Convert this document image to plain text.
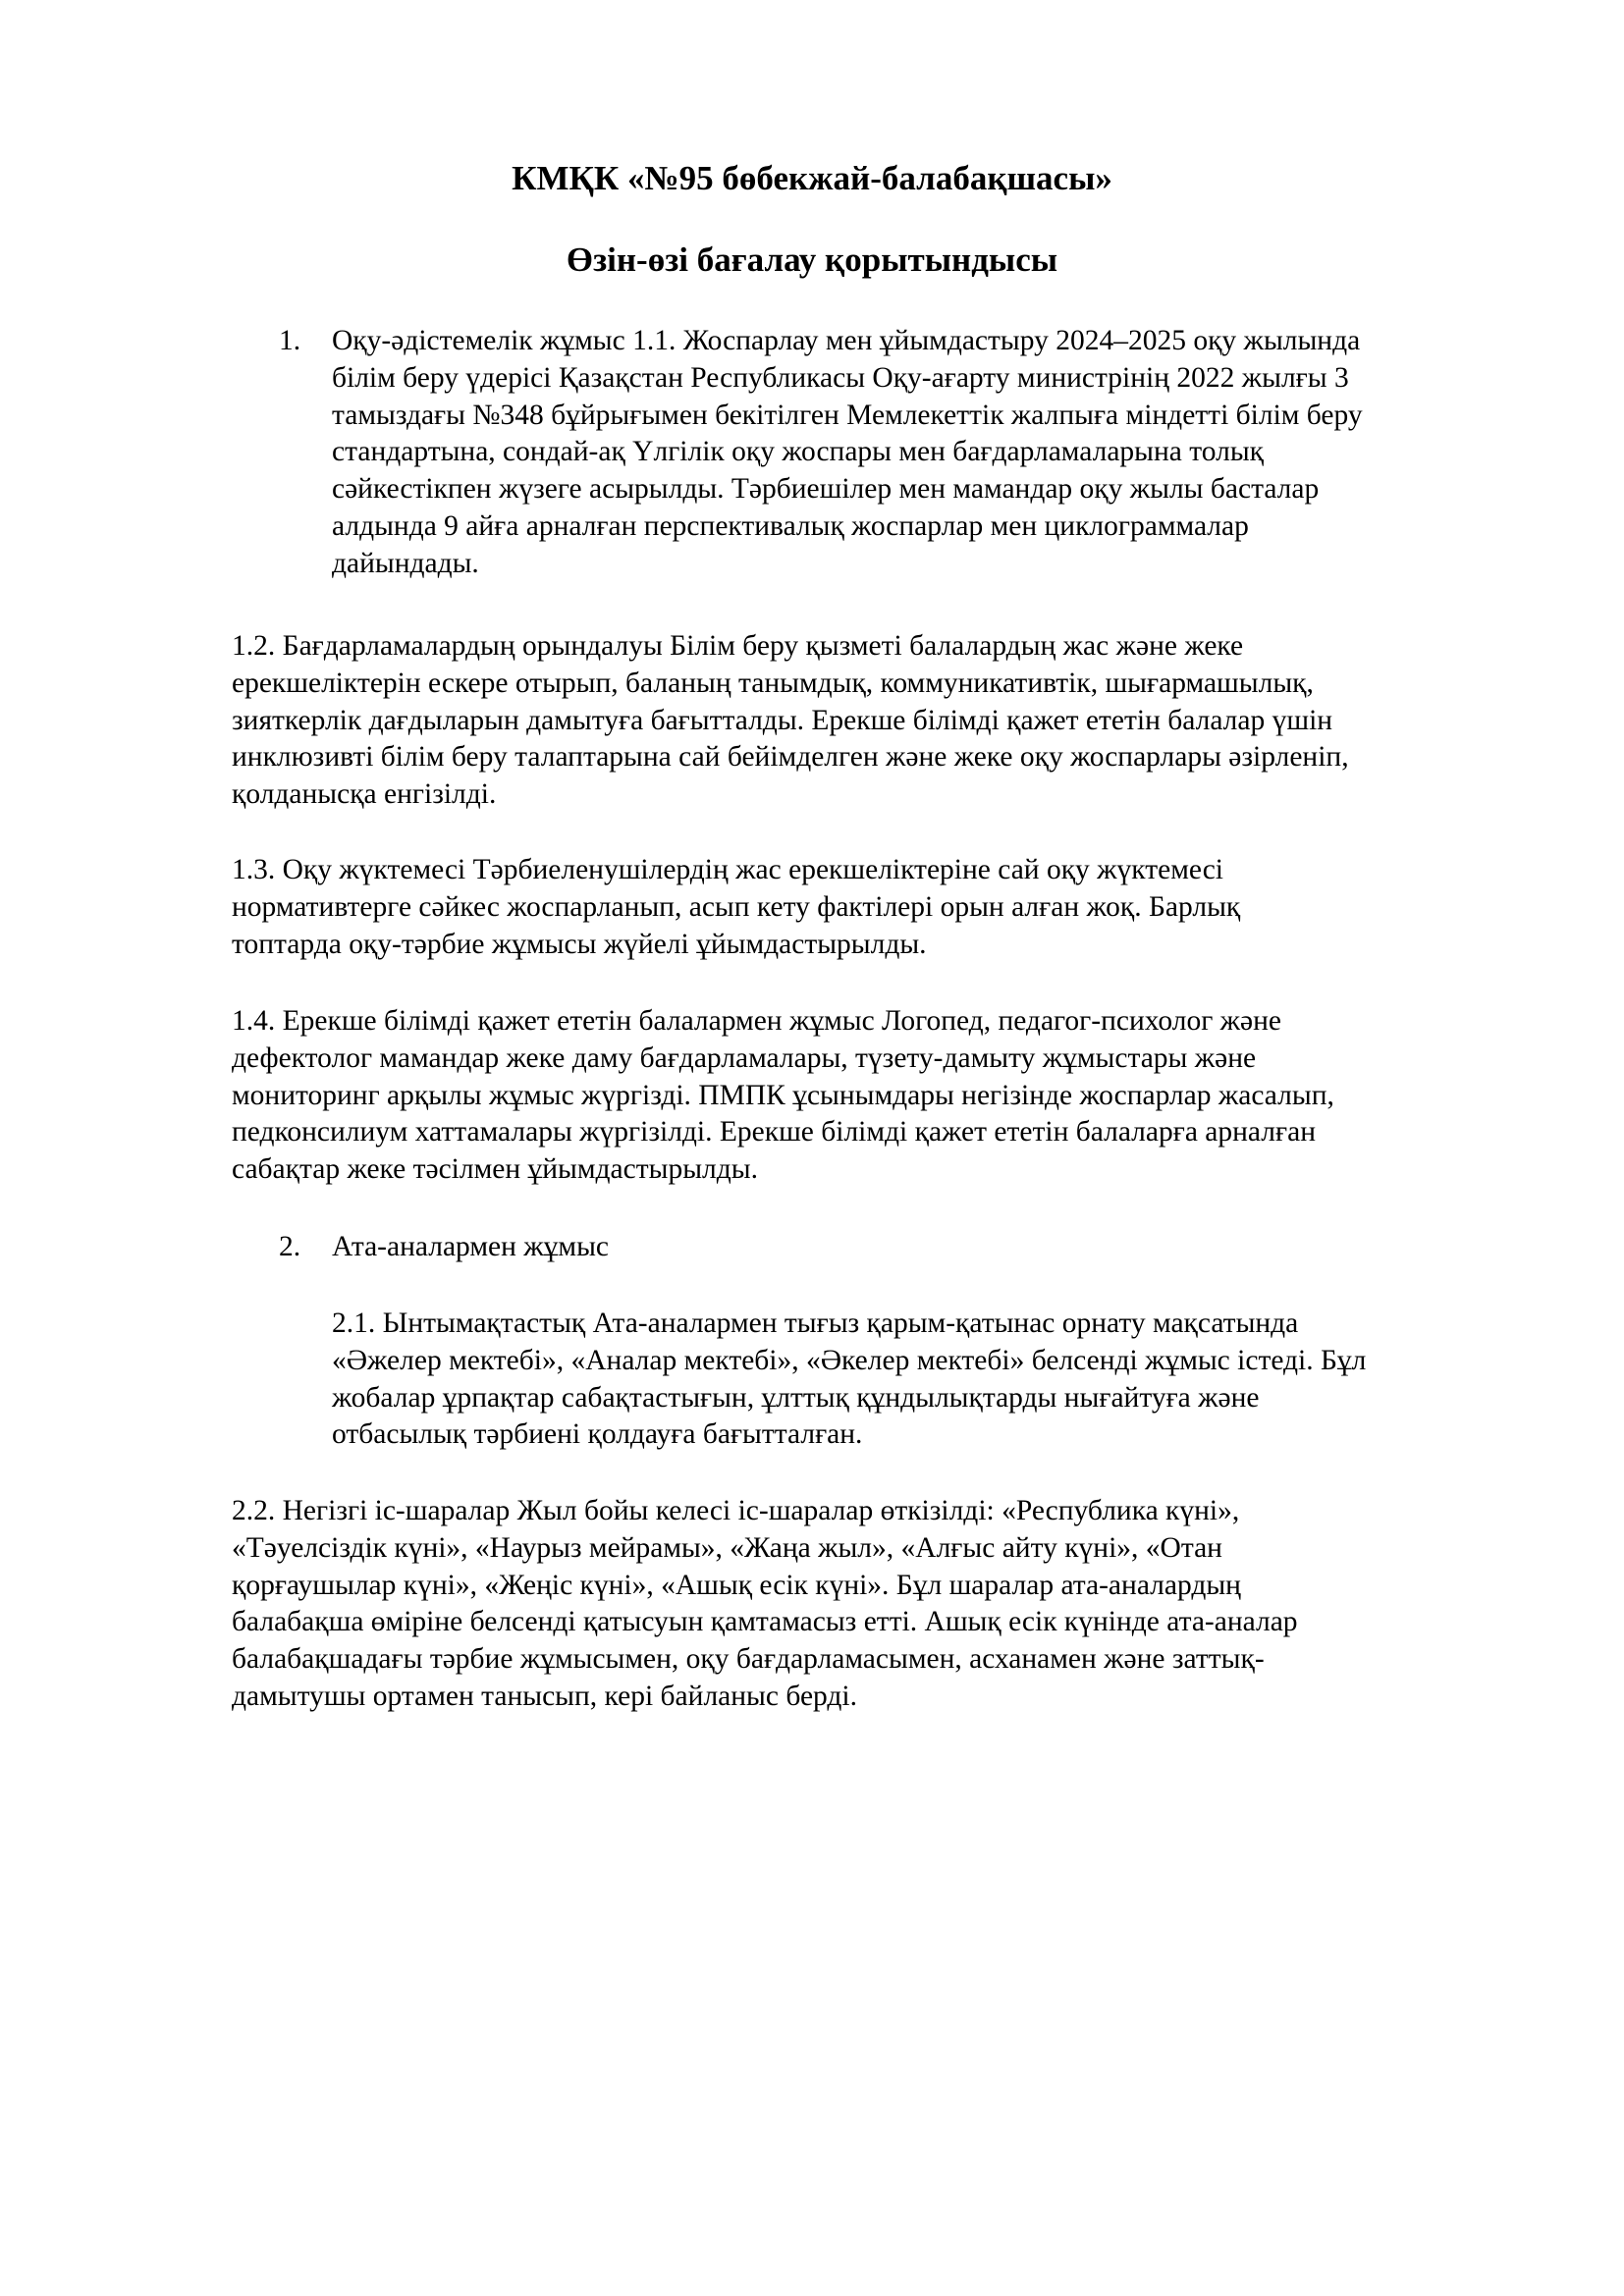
КМҚК «№95 бөбекжай-балабақшасы»
Өзін-өзі бағалау қорытындысы

1. Оқу-әдістемелік жұмыс 1.1. Жоспарлау мен ұйымдастыру 2024–2025 оқу жылында
білім беру үдерісі Қазақстан Республикасы Оқу-ағарту министрінің 2022 жылғы 3
тамыздағы №348 бұйрығымен бекітілген Мемлекеттік жалпыға міндетті білім беру
стандартына, сондай-ақ Үлгілік оқу жоспары мен бағдарламаларына толық
сәйкестікпен жүзеге асырылды. Тәрбиешілер мен мамандар оқу жылы басталар
алдында 9 айға арналған перспективалық жоспарлар мен циклограммалар
дайындады.

1.2. Бағдарламалардың орындалуы Білім беру қызметі балалардың жас және жеке
ерекшеліктерін ескере отырып, баланың танымдық, коммуникативтік, шығармашылық,
зияткерлік дағдыларын дамытуға бағытталды. Ерекше білімді қажет ететін балалар үшін
инклюзивті білім беру талаптарына сай бейімделген және жеке оқу жоспарлары әзірленіп,
қолданысқа енгізілді.

1.3. Оқу жүктемесі Тәрбиеленушілердің жас ерекшеліктеріне сай оқу жүктемесі
нормативтерге сәйкес жоспарланып, асып кету фактілері орын алған жоқ. Барлық
топтарда оқу-тәрбие жұмысы жүйелі ұйымдастырылды.

1.4. Ерекше білімді қажет ететін балалармен жұмыс Логопед, педагог-психолог және
дефектолог мамандар жеке даму бағдарламалары, түзету-дамыту жұмыстары және
мониторинг арқылы жұмыс жүргізді. ПМПК ұсынымдары негізінде жоспарлар жасалып,
педконсилиум хаттамалары жүргізілді. Ерекше білімді қажет ететін балаларға арналған
сабақтар жеке тәсілмен ұйымдастырылды.

2. Ата-аналармен жұмыс

2.1. Ынтымақтастық Ата-аналармен тығыз қарым-қатынас орнату мақсатында
«Әжелер мектебі», «Аналар мектебі», «Әкелер мектебі» белсенді жұмыс істеді. Бұл
жобалар ұрпақтар сабақтастығын, ұлттық құндылықтарды нығайтуға және
отбасылық тәрбиені қолдауға бағытталған.

2.2. Негізгі іс-шаралар Жыл бойы келесі іс-шаралар өткізілді: «Республика күні»,
«Тәуелсіздік күні», «Наурыз мейрамы», «Жаңа жыл», «Алғыс айту күні», «Отан
қорғаушылар күні», «Жеңіс күні», «Ашық есік күні». Бұл шаралар ата-аналардың
балабақша өміріне белсенді қатысуын қамтамасыз етті. Ашық есік күнінде ата-аналар
балабақшадағы тәрбие жұмысымен, оқу бағдарламасымен, асханамен және заттық-
дамытушы ортамен танысып, кері байланыс берді.
